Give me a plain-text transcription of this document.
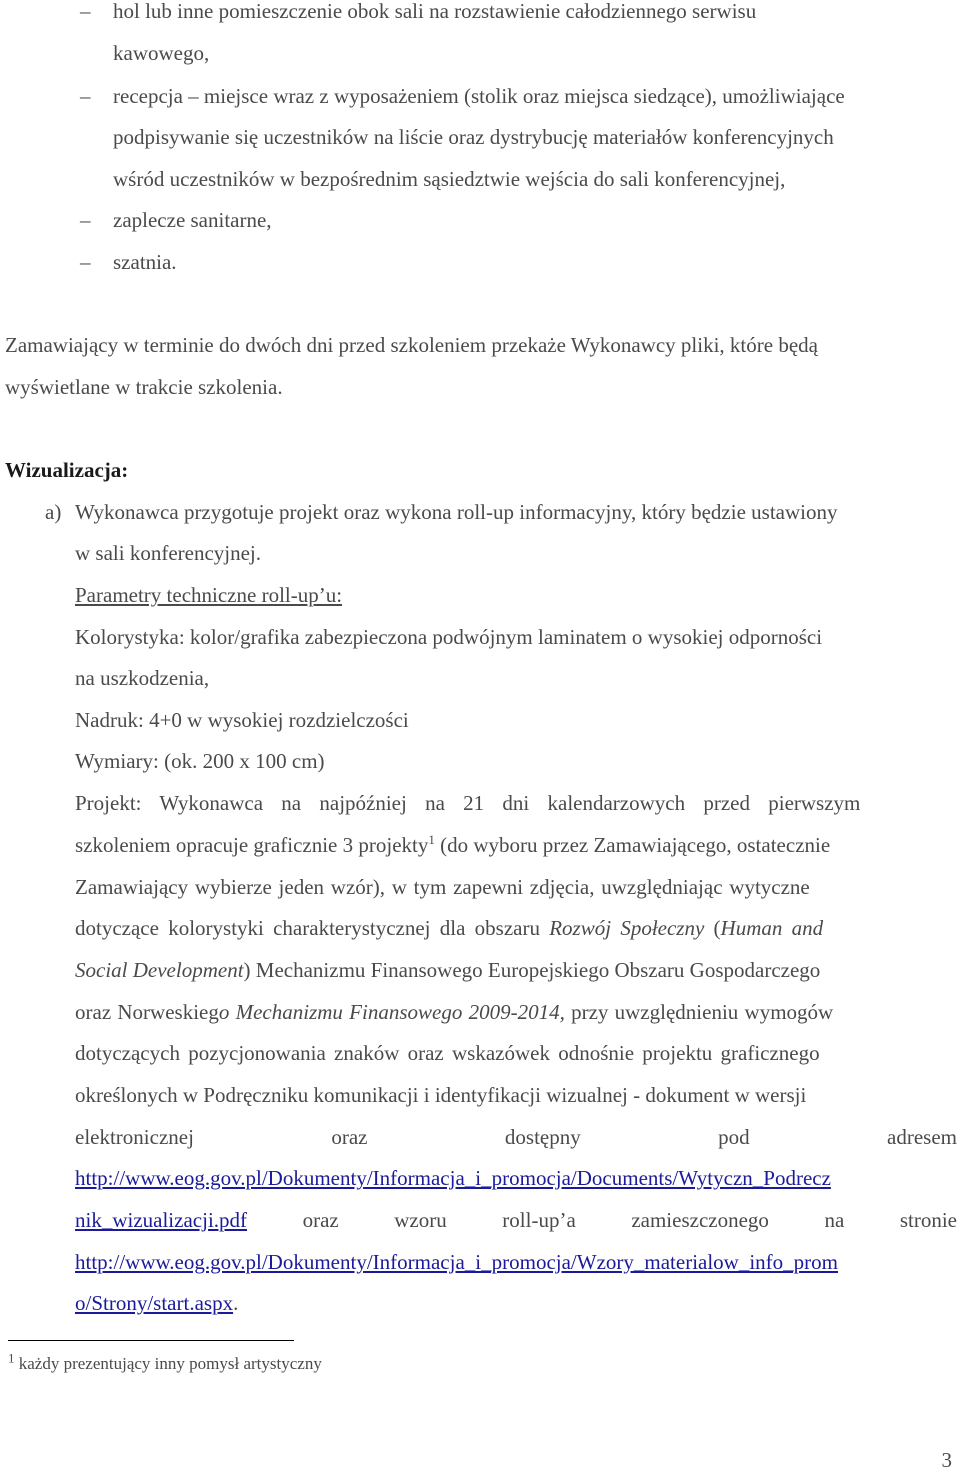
– hol lub inne pomieszczenie obok sali na rozstawienie całodziennego serwisu
kawowego,
– recepcja – miejsce wraz z wyposażeniem (stolik oraz miejsca siedzące), umożliwiające
podpisywanie się uczestników na liście oraz dystrybucję materiałów konferencyjnych
wśród uczestników w bezpośrednim sąsiedztwie wejścia do sali konferencyjnej,
– zaplecze sanitarne,
– szatnia.
Zamawiający w terminie do dwóch dni przed szkoleniem przekaże Wykonawcy pliki, które będą
wyświetlane w trakcie szkolenia.
Wizualizacja:
a) Wykonawca przygotuje projekt oraz wykona roll-up informacyjny, który będzie ustawiony
w sali konferencyjnej.
Parametry techniczne roll-up’u:
Kolorystyka: kolor/grafika zabezpieczona podwójnym laminatem o wysokiej odporności
na uszkodzenia,
Nadruk: 4+0 w wysokiej rozdzielczości
Wymiary: (ok. 200 x 100 cm)
Projekt: Wykonawca na najpóźniej na 21 dni kalendarzowych przed pierwszym
szkoleniem opracuje graficznie 3 projekty$^1$ (do wyboru przez Zamawiającego, ostatecznie
Zamawiający wybierze jeden wzór), w tym zapewni zdjęcia, uwzględniając wytyczne
dotyczące kolorystyki charakterystycznej dla obszaru Rozwój Społeczny (Human and
Social Development) Mechanizmu Finansowego Europejskiego Obszaru Gospodarczego
oraz Norweskiego Mechanizmu Finansowego 2009-2014, przy uwzględnieniu wymogów
dotyczących pozycjonowania znaków oraz wskazówek odnośnie projektu graficznego
określonych w Podręczniku komunikacji i identyfikacji wizualnej - dokument w wersji
elektronicznej	oraz	dostępny	pod	adresem
http://www.eog.gov.pl/Dokumenty/Informacja_i_promocja/Documents/Wytyczn_Podrecz
nik_wizualizacji.pdf	oraz	wzoru	roll-up’a	zamieszczonego	na	stronie
http://www.eog.gov.pl/Dokumenty/Informacja_i_promocja/Wzory_materialow_info_prom
o/Strony/start.aspx.
$^1$ każdy prezentujący inny pomysł artystyczny
3
